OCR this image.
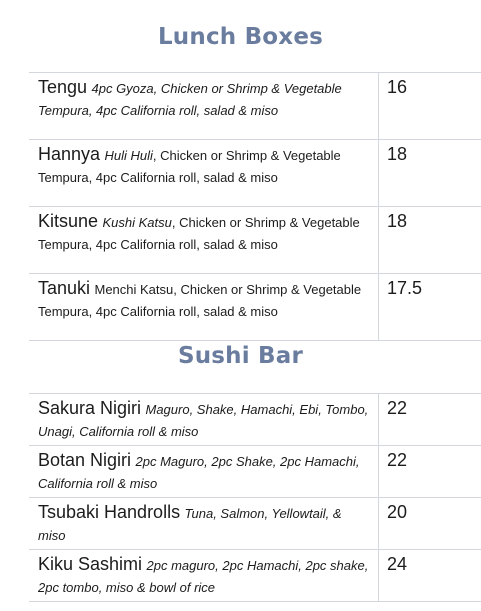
Lunch Boxes
Tengu 4pc Gyoza, Chicken or Shrimp & Vegetable Tempura, 4pc California roll, salad & miso	16
Hannya Huli Huli, Chicken or Shrimp & Vegetable Tempura, 4pc California roll, salad & miso	18
Kitsune Kushi Katsu, Chicken or Shrimp & Vegetable Tempura, 4pc California roll, salad & miso	18
Tanuki Menchi Katsu, Chicken or Shrimp & Vegetable Tempura, 4pc California roll, salad & miso	17.5
Sushi Bar
Sakura Nigiri Maguro, Shake, Hamachi, Ebi, Tombo, Unagi, California roll & miso	22
Botan Nigiri 2pc Maguro, 2pc Shake, 2pc Hamachi, California roll & miso	22
Tsubaki Handrolls Tuna, Salmon, Yellowtail, & miso	20
Kiku Sashimi 2pc maguro, 2pc Hamachi, 2pc shake, 2pc tombo, miso & bowl of rice	24
